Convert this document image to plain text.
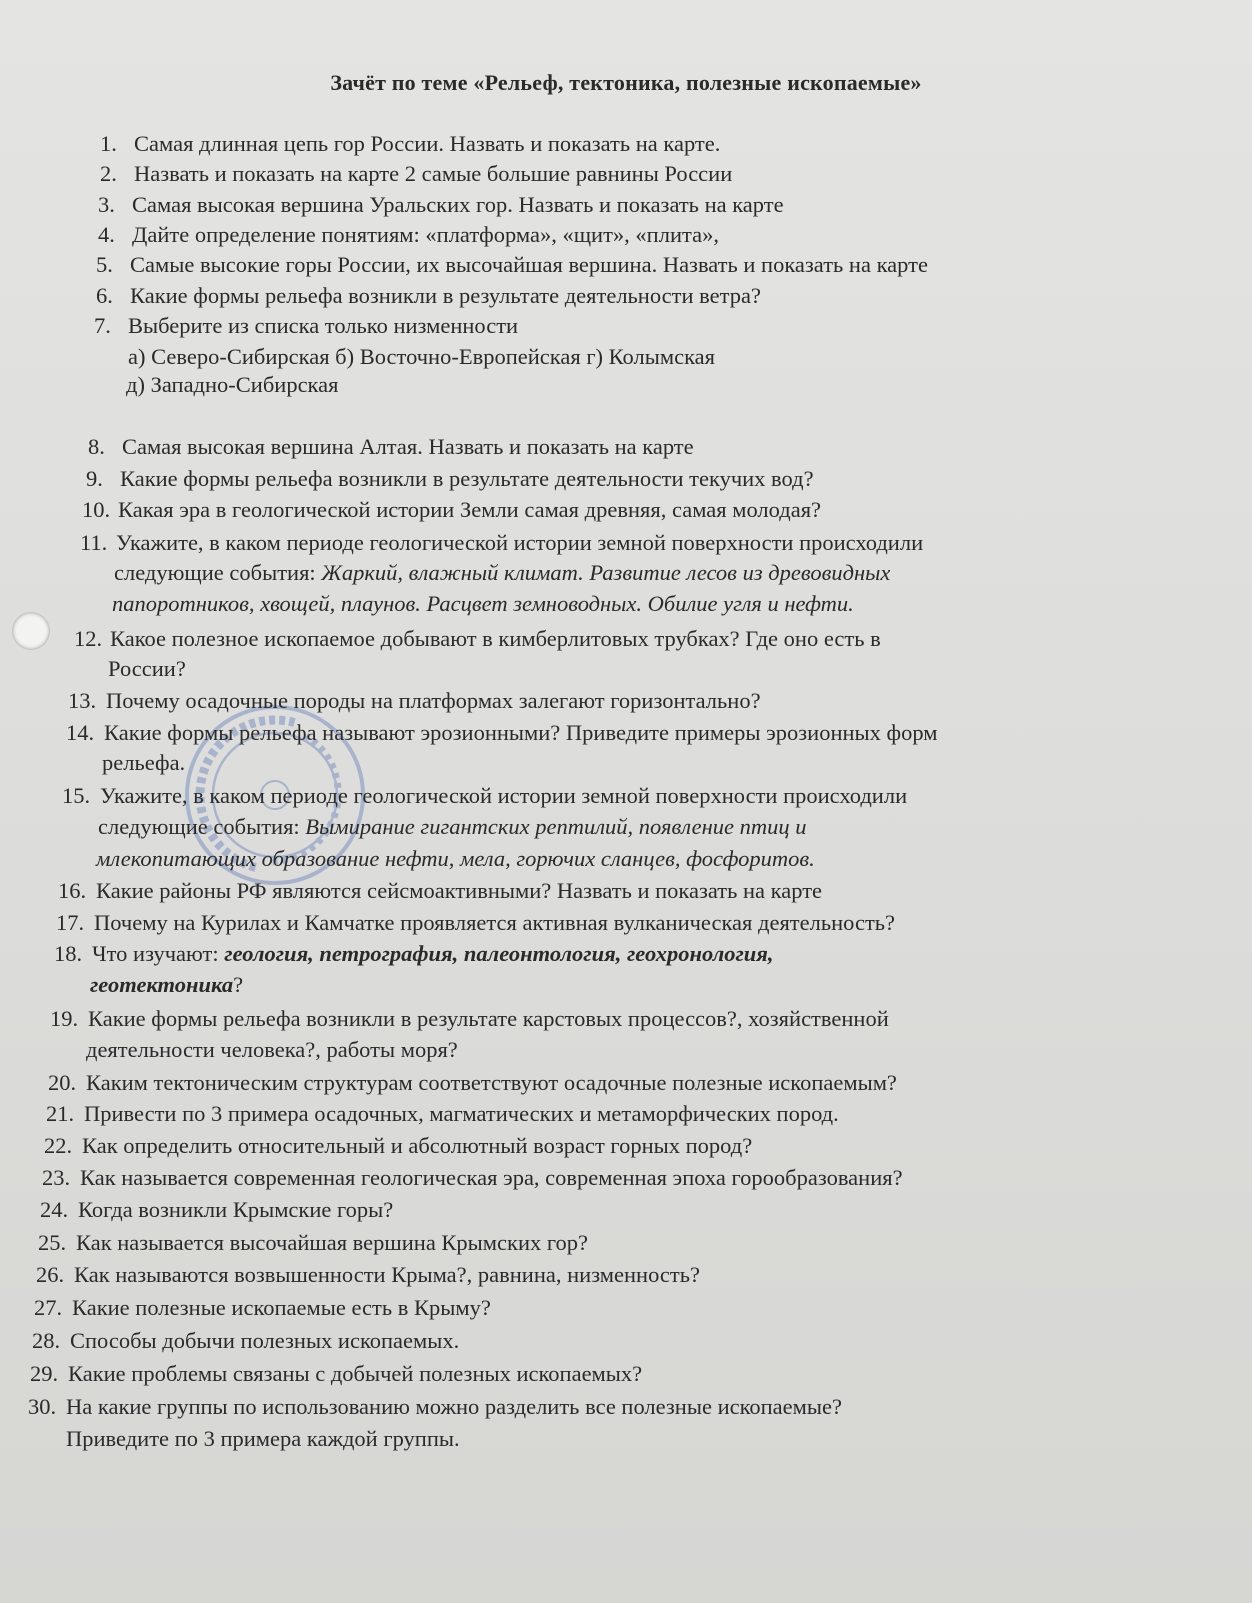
Зачёт по теме «Рельеф, тектоника, полезные ископаемые»
1. Самая длинная цепь гор России. Назвать и показать на карте.
2. Назвать и показать на карте 2 самые большие равнины России
3. Самая высокая вершина Уральских гор. Назвать и показать на карте
4. Дайте определение понятиям: «платформа», «щит», «плита»,
5. Самые высокие горы России, их высочайшая вершина. Назвать и показать на карте
6. Какие формы рельефа возникли в результате деятельности ветра?
7. Выберите из списка только низменности
а) Северо-Сибирская б) Восточно-Европейская г) Колымская
д) Западно-Сибирская
8. Самая высокая вершина Алтая. Назвать и показать на карте
9. Какие формы рельефа возникли в результате деятельности текучих вод?
10. Какая эра в геологической истории Земли самая древняя, самая молодая?
11. Укажите, в каком периоде геологической истории земной поверхности происходили
следующие события: Жаркий, влажный климат. Развитие лесов из древовидных
папоротников, хвощей, плаунов. Расцвет земноводных. Обилие угля и нефти.
12. Какое полезное ископаемое добывают в кимберлитовых трубках? Где оно есть в
России?
13. Почему осадочные породы на платформах залегают горизонтально?
14. Какие формы рельефа называют эрозионными? Приведите примеры эрозионных форм
рельефа.
15. Укажите, в каком периоде геологической истории земной поверхности происходили
следующие события: Вымирание гигантских рептилий, появление птиц и
млекопитающих образование нефти, мела, горючих сланцев, фосфоритов.
16. Какие районы РФ являются сейсмоактивными? Назвать и показать на карте
17. Почему на Курилах и Камчатке проявляется активная вулканическая деятельность?
18. Что изучают: геология, петрография, палеонтология, геохронология,
геотектоника?
19. Какие формы рельефа возникли в результате карстовых процессов?, хозяйственной
деятельности человека?, работы моря?
20. Каким тектоническим структурам соответствуют осадочные полезные ископаемым?
21. Привести по 3 примера осадочных, магматических и метаморфических пород.
22. Как определить относительный и абсолютный возраст горных пород?
23. Как называется современная геологическая эра, современная эпоха горообразования?
24. Когда возникли Крымские горы?
25. Как называется высочайшая вершина Крымских гор?
26. Как называются возвышенности Крыма?, равнина, низменность?
27. Какие полезные ископаемые есть в Крыму?
28. Способы добычи полезных ископаемых.
29. Какие проблемы связаны с добычей полезных ископаемых?
30. На какие группы по использованию можно разделить все полезные ископаемые?
Приведите по 3 примера каждой группы.
